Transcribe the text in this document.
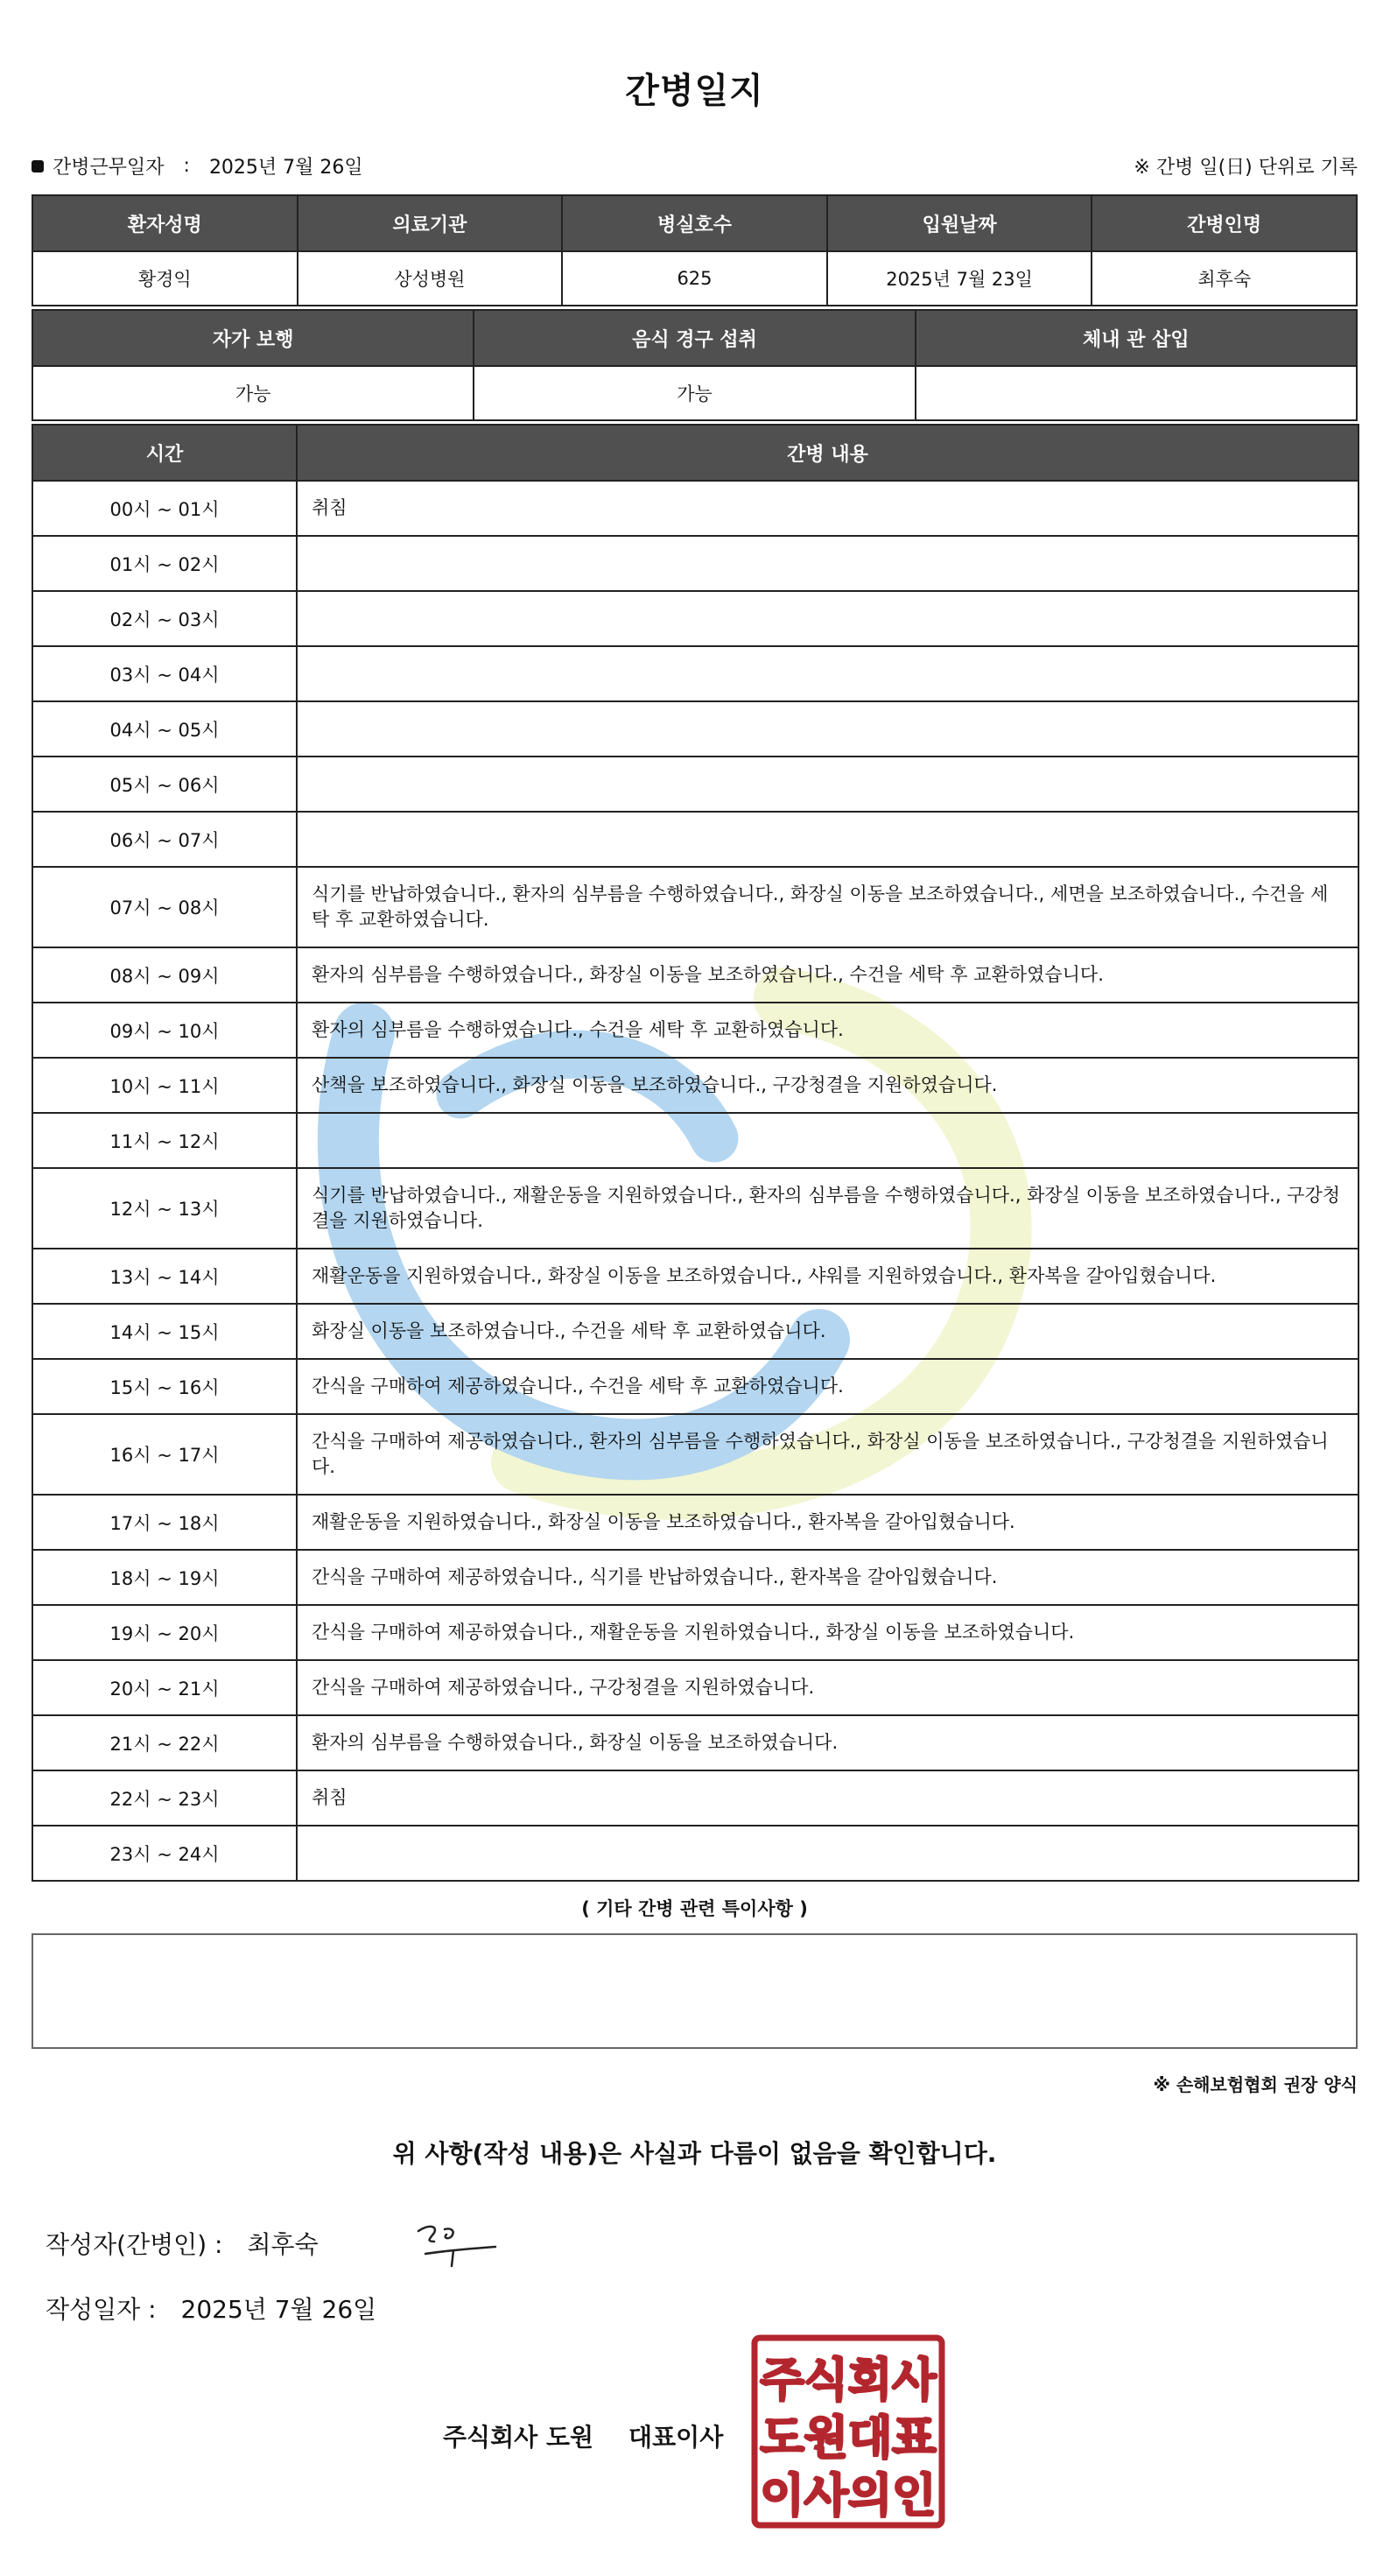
간병일지
간병근무일자 : 2025년 7월 26일	※ 간병 일(日) 단위로 기록
환자성명	의료기관	병실호수	입원날짜	간병인명
황경익	상성병원	625	2025년 7월 23일	최후숙
자가 보행	음식 경구 섭취	체내 관 삽입
가능	가능	
시간	간병 내용
00시 ~ 01시	취침
01시 ~ 02시	
02시 ~ 03시	
03시 ~ 04시	
04시 ~ 05시	
05시 ~ 06시	
06시 ~ 07시	
07시 ~ 08시	식기를 반납하였습니다., 환자의 심부름을 수행하였습니다., 화장실 이동을 보조하였습니다., 세면을 보조하였습니다., 수건을 세탁 후 교환하였습니다.
08시 ~ 09시	환자의 심부름을 수행하였습니다., 화장실 이동을 보조하였습니다., 수건을 세탁 후 교환하였습니다.
09시 ~ 10시	환자의 심부름을 수행하였습니다., 수건을 세탁 후 교환하였습니다.
10시 ~ 11시	산책을 보조하였습니다., 화장실 이동을 보조하였습니다., 구강청결을 지원하였습니다.
11시 ~ 12시	
12시 ~ 13시	식기를 반납하였습니다., 재활운동을 지원하였습니다., 환자의 심부름을 수행하였습니다., 화장실 이동을 보조하였습니다., 구강청결을 지원하였습니다.
13시 ~ 14시	재활운동을 지원하였습니다., 화장실 이동을 보조하였습니다., 샤워를 지원하였습니다., 환자복을 갈아입혔습니다.
14시 ~ 15시	화장실 이동을 보조하였습니다., 수건을 세탁 후 교환하였습니다.
15시 ~ 16시	간식을 구매하여 제공하였습니다., 수건을 세탁 후 교환하였습니다.
16시 ~ 17시	간식을 구매하여 제공하였습니다., 환자의 심부름을 수행하였습니다., 화장실 이동을 보조하였습니다., 구강청결을 지원하였습니다.
17시 ~ 18시	재활운동을 지원하였습니다., 화장실 이동을 보조하였습니다., 환자복을 갈아입혔습니다.
18시 ~ 19시	간식을 구매하여 제공하였습니다., 식기를 반납하였습니다., 환자복을 갈아입혔습니다.
19시 ~ 20시	간식을 구매하여 제공하였습니다., 재활운동을 지원하였습니다., 화장실 이동을 보조하였습니다.
20시 ~ 21시	간식을 구매하여 제공하였습니다., 구강청결을 지원하였습니다.
21시 ~ 22시	환자의 심부름을 수행하였습니다., 화장실 이동을 보조하였습니다.
22시 ~ 23시	취침
23시 ~ 24시	
( 기타 간병 관련 특이사항 )
※ 손해보험협회 권장 양식
위 사항(작성 내용)은 사실과 다름이 없음을 확인합니다.
작성자(간병인) : 최후숙
작성일자 : 2025년 7월 26일
주식회사 도원 대표이사
주식회사
도원대표
이사의인
